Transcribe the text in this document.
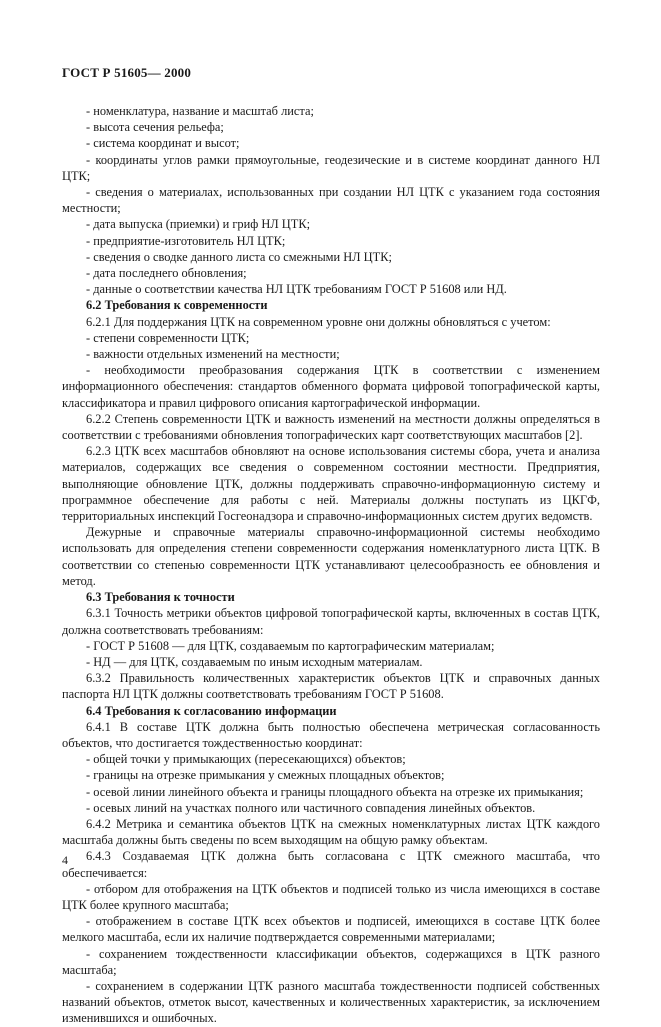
ГОСТ Р 51605— 2000

- номенклатура, название и масштаб листа;

- высота сечения рельефа;

- система координат и высот;

- координаты углов рамки прямоугольные, геодезические и в системе координат данного НЛ ЦТК;

- сведения о материалах, использованных при создании НЛ ЦТК с указанием года состояния местности;

- дата выпуска (приемки) и гриф НЛ ЦТК;

- предприятие-изготовитель НЛ ЦТК;

- сведения о сводке данного листа со смежными НЛ ЦТК;

- дата последнего обновления;

- данные о соответствии качества НЛ ЦТК требованиям ГОСТ Р 51608 или НД.

6.2 Требования к современности

6.2.1 Для поддержания ЦТК на современном уровне они должны обновляться с учетом:

- степени современности ЦТК;

- важности отдельных изменений на местности;

- необходимости преобразования содержания ЦТК в соответствии с изменением информационного обеспечения: стандартов обменного формата цифровой топографической карты, классификатора и правил цифрового описания картографической информации.

6.2.2 Степень современности ЦТК и важность изменений на местности должны определяться в соответствии с требованиями обновления топографических карт соответствующих масштабов [2].

6.2.3 ЦТК всех масштабов обновляют на основе использования системы сбора, учета и анализа материалов, содержащих все сведения о современном состоянии местности. Предприятия, выполняющие обновление ЦТК, должны поддерживать справочно-информационную систему и программное обеспечение для работы с ней. Материалы должны поступать из ЦКГФ, территориальных инспекций Госгеонадзора и справочно-информационных систем других ведомств.

Дежурные и справочные материалы справочно-информационной системы необходимо использовать для определения степени современности содержания номенклатурного листа ЦТК. В соответствии со степенью современности ЦТК устанавливают целесообразность ее обновления и метод.

6.3 Требования к точности

6.3.1 Точность метрики объектов цифровой топографической карты, включенных в состав ЦТК, должна соответствовать требованиям:

- ГОСТ Р 51608 — для ЦТК, создаваемым по картографическим материалам;

- НД — для ЦТК, создаваемым по иным исходным материалам.

6.3.2 Правильность количественных характеристик объектов ЦТК и справочных данных паспорта НЛ ЦТК должны соответствовать требованиям ГОСТ Р 51608.

6.4 Требования к согласованию информации

6.4.1 В составе ЦТК должна быть полностью обеспечена метрическая согласованность объектов, что достигается тождественностью координат:

- общей точки у примыкающих (пересекающихся) объектов;

- границы на отрезке примыкания у смежных площадных объектов;

- осевой линии линейного объекта и границы площадного объекта на отрезке их примыкания;

- осевых линий на участках полного или частичного совпадения линейных объектов.

6.4.2 Метрика и семантика объектов ЦТК на смежных номенклатурных листах ЦТК каждого масштаба должны быть сведены по всем выходящим на общую рамку объектам.

6.4.3 Создаваемая ЦТК должна быть согласована с ЦТК смежного масштаба, что обеспечивается:

- отбором для отображения на ЦТК объектов и подписей только из числа имеющихся в составе ЦТК более крупного масштаба;

- отображением в составе ЦТК всех объектов и подписей, имеющихся в составе ЦТК более мелкого масштаба, если их наличие подтверждается современными материалами;

- сохранением тождественности классификации объектов, содержащихся в ЦТК разного масштаба;

- сохранением в содержании ЦТК разного масштаба тождественности подписей собственных названий объектов, отметок высот, качественных и количественных характеристик, за исключением изменившихся и ошибочных.

4
